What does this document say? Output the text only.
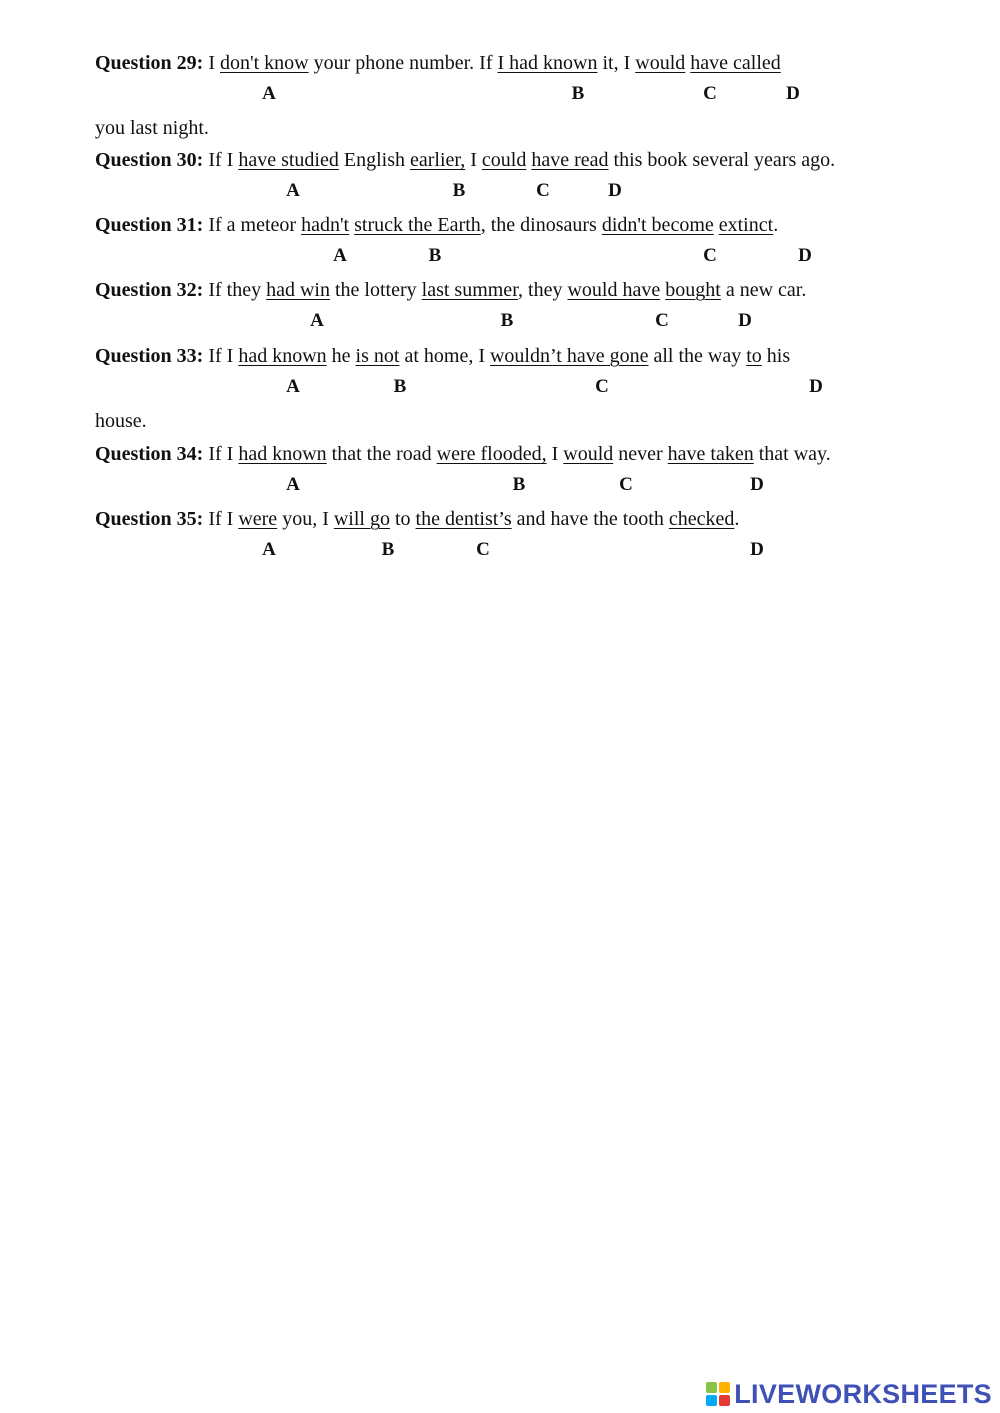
Question 29: I don't know your phone number. If I had known it, I would have called
A	B	C	D
you last night.
Question 30: If I have studied English earlier, I could have read this book several years ago.
A	B	C	D
Question 31: If a meteor hadn't struck the Earth, the dinosaurs didn't become extinct.
A	B	C	D
Question 32: If they had win the lottery last summer, they would have bought a new car.
A	B	C	D
Question 33: If I had known he is not at home, I wouldn’t have gone all the way to his
A	B	C	D
house.
Question 34: If I had known that the road were flooded, I would never have taken that way.
A	B	C	D
Question 35: If I were you, I will go to the dentist’s and have the tooth checked.
A	B	C	D
LIVEWORKSHEETS
